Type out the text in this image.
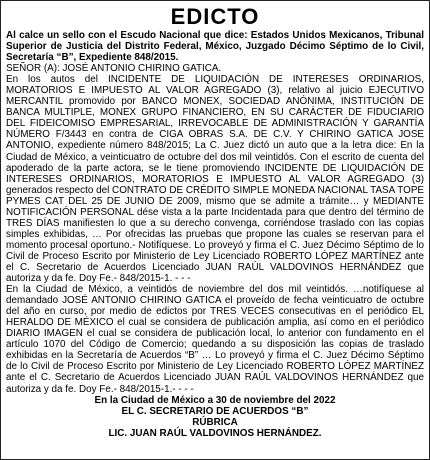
EDICTO

Al calce un sello con el Escudo Nacional que dice: Estados Unidos Mexicanos, Tribunal Superior de Justicia del Distrito Federal, México, Juzgado Décimo Séptimo de lo Civil, Secretaría “B”, Expediente 848/2015.

SEÑOR (A): JOSÉ ANTONIO CHIRINO GATICA.

En los autos del INCIDENTE DE LIQUIDACIÓN DE INTERESES ORDINARIOS, MORATORIOS E IMPUESTO AL VALOR AGREGADO (3), relativo al juicio EJECUTIVO MERCANTIL promovido por BANCO MONEX, SOCIEDAD ANÓNIMA, INSTITUCIÓN DE BANCA MULTIPLE, MONEX GRUPO FINANCIERO, EN SU CARÁCTER DE FIDUCIARIO DEL FIDEICOMISO EMPRESARIAL, IRREVOCABLE DE ADMINISTRACIÓN Y GARANTÍA NÚMERO F/3443 en contra de CIGA OBRAS S.A. DE C.V. Y CHIRINO GATICA JOSE ANTONIO, expediente número 848/2015; La C. Juez dictó un auto que a la letra dice: En la Ciudad de México, a veinticuatro de octubre del dos mil veintidós. Con el escrito de cuenta del apoderado de la parte actora, se le tiene promoviendo INCIDENTE DE LIQUIDACIÓN DE INTERESES ORDINARIOS, MORATORIOS E IMPUESTO AL VALOR AGREGADO (3) generados respecto del CONTRATO DE CRÉDITO SIMPLE MONEDA NACIONAL TASA TOPE PYMES CAT DEL 25 DE JUNIO DE 2009, mismo que se admite a trámite… y MEDIANTE NOTIFICACIÓN PERSONAL dése vista a la parte Incidentada para que dentro del término de TRES DÍAS manifiesten lo que a su derecho convenga, corriéndose traslado con las copias simples exhibidas, … Por ofrecidas las pruebas que propone las cuales se reservan para el momento procesal oportuno.- Notifíquese. Lo proveyó y firma el C. Juez Décimo Séptimo de lo Civil de Proceso Escrito por Ministerio de Ley Licenciado ROBERTO LÓPEZ MARTÍNEZ ante el C. Secretario de Acuerdos Licenciado JUAN RAÚL VALDOVINOS HERNÁNDEZ que autoriza y da fe. Doy Fe.- 848/2015-1. - - -

En la Ciudad de México, a veintidós de noviembre del dos mil veintidós. …notifíquese al demandado JOSÉ ANTONIO CHIRINO GATICA el proveído de fecha veinticuatro de octubre del año en curso, por medio de edictos por TRES VECES consecutivas en el periódico EL HERALDO DE MÉXICO el cual se considera de publicación amplia, así como en el periódico DIARIO IMAGEN el cual se considera de publicación local, lo anterior con fundamento en el artículo 1070 del Código de Comercio; quedando a su disposición las copias de traslado exhibidas en la Secretaría de Acuerdos “B” … Lo proveyó y firma el C. Juez Décimo Séptimo de lo Civil de Proceso Escrito por Ministerio de Ley Licenciado ROBERTO LÓPEZ MARTÍNEZ ante el C. Secretario de Acuerdos Licenciado JUAN RAÚL VALDOVINOS HERNÁNDEZ que autoriza y da fe. Doy Fe.- 848/2015-1.- - - -

En la Ciudad de México a 30 de noviembre del 2022

EL C. SECRETARIO DE ACUERDOS “B”

RÚBRICA

LIC. JUAN RAÚL VALDOVINOS HERNÁNDEZ.
